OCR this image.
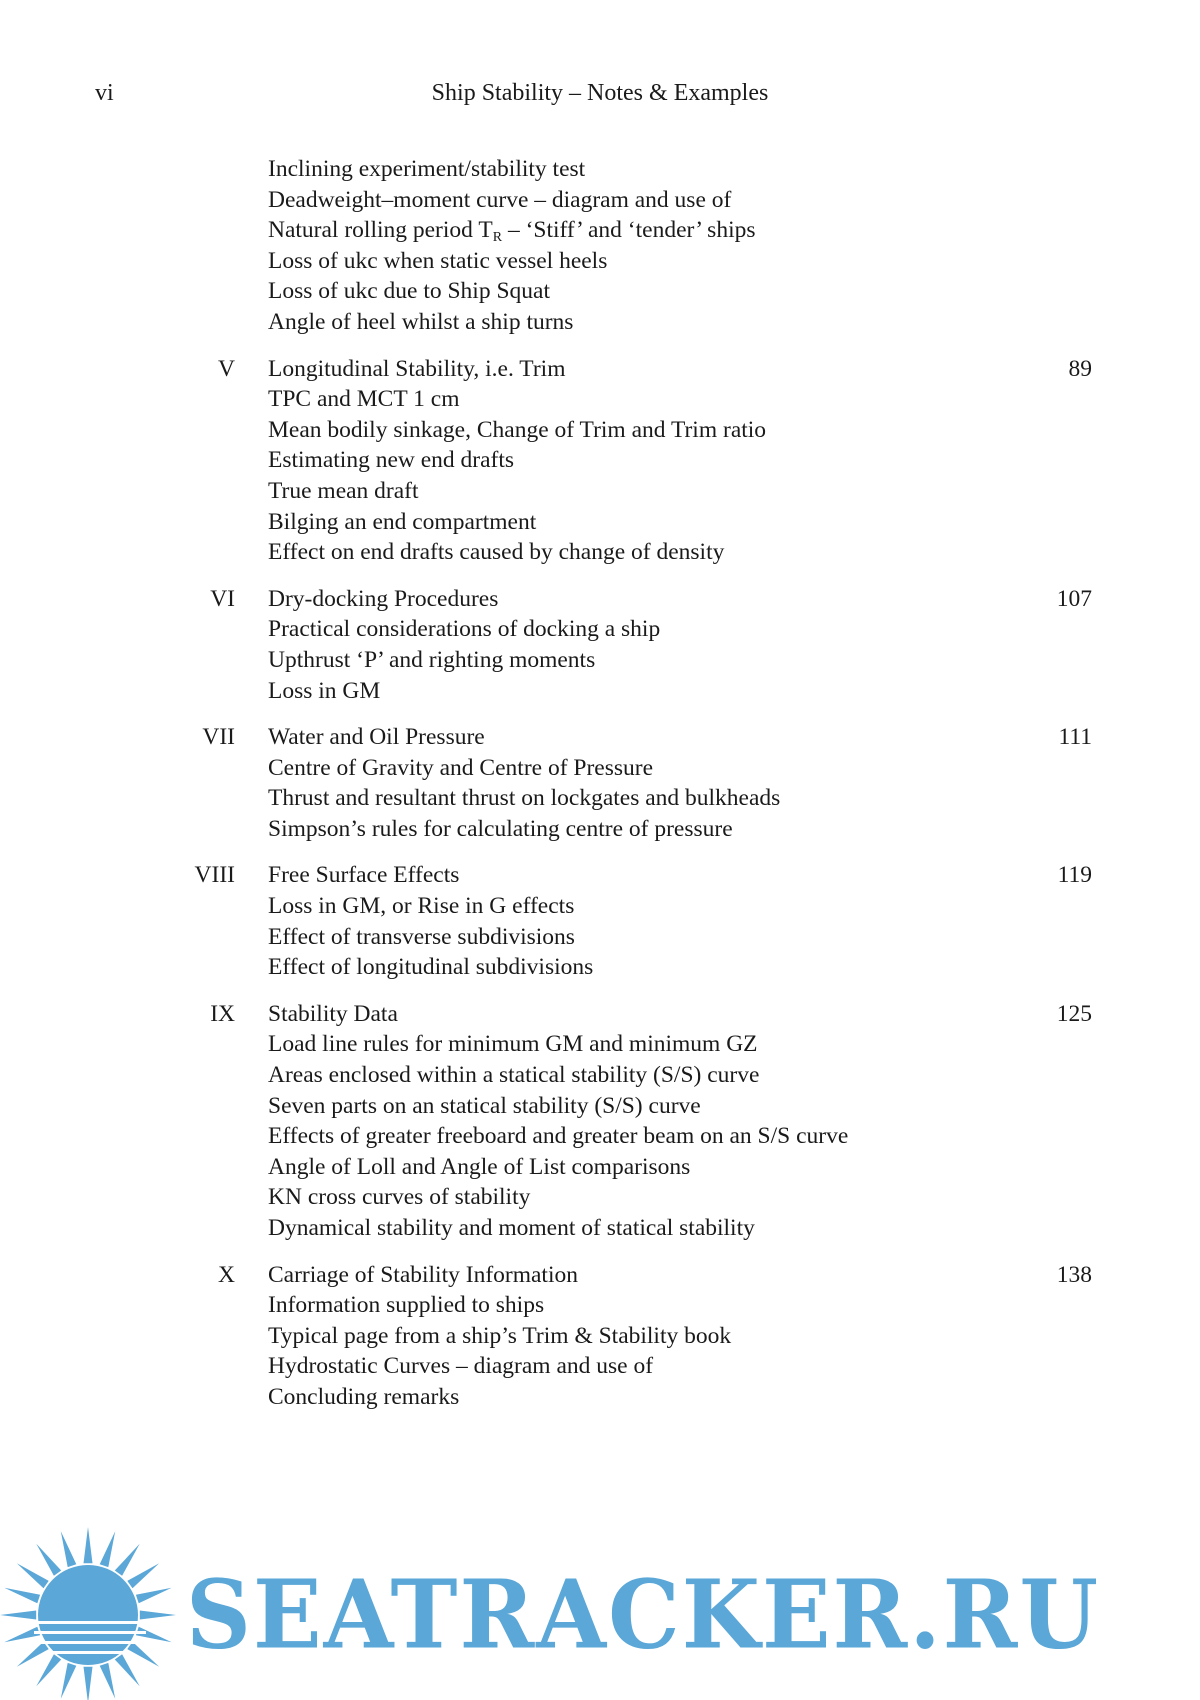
vi	Ship Stability – Notes & Examples
Inclining experiment/stability test
Deadweight–moment curve – diagram and use of
Natural rolling period $T_R$ – ‘Stiff’ and ‘tender’ ships
Loss of ukc when static vessel heels
Loss of ukc due to Ship Squat
Angle of heel whilst a ship turns
V Longitudinal Stability, i.e. Trim	89
TPC and MCT 1 cm
Mean bodily sinkage, Change of Trim and Trim ratio
Estimating new end drafts
True mean draft
Bilging an end compartment
Effect on end drafts caused by change of density
VI Dry-docking Procedures	107
Practical considerations of docking a ship
Upthrust ‘P’ and righting moments
Loss in GM
VII Water and Oil Pressure	111
Centre of Gravity and Centre of Pressure
Thrust and resultant thrust on lockgates and bulkheads
Simpson’s rules for calculating centre of pressure
VIII Free Surface Effects	119
Loss in GM, or Rise in G effects
Effect of transverse subdivisions
Effect of longitudinal subdivisions
IX Stability Data	125
Load line rules for minimum GM and minimum GZ
Areas enclosed within a statical stability (S/S) curve
Seven parts on an statical stability (S/S) curve
Effects of greater freeboard and greater beam on an S/S curve
Angle of Loll and Angle of List comparisons
KN cross curves of stability
Dynamical stability and moment of statical stability
X Carriage of Stability Information	138
Information supplied to ships
Typical page from a ship’s Trim & Stability book
Hydrostatic Curves – diagram and use of
Concluding remarks
SEATRACKER.RU
